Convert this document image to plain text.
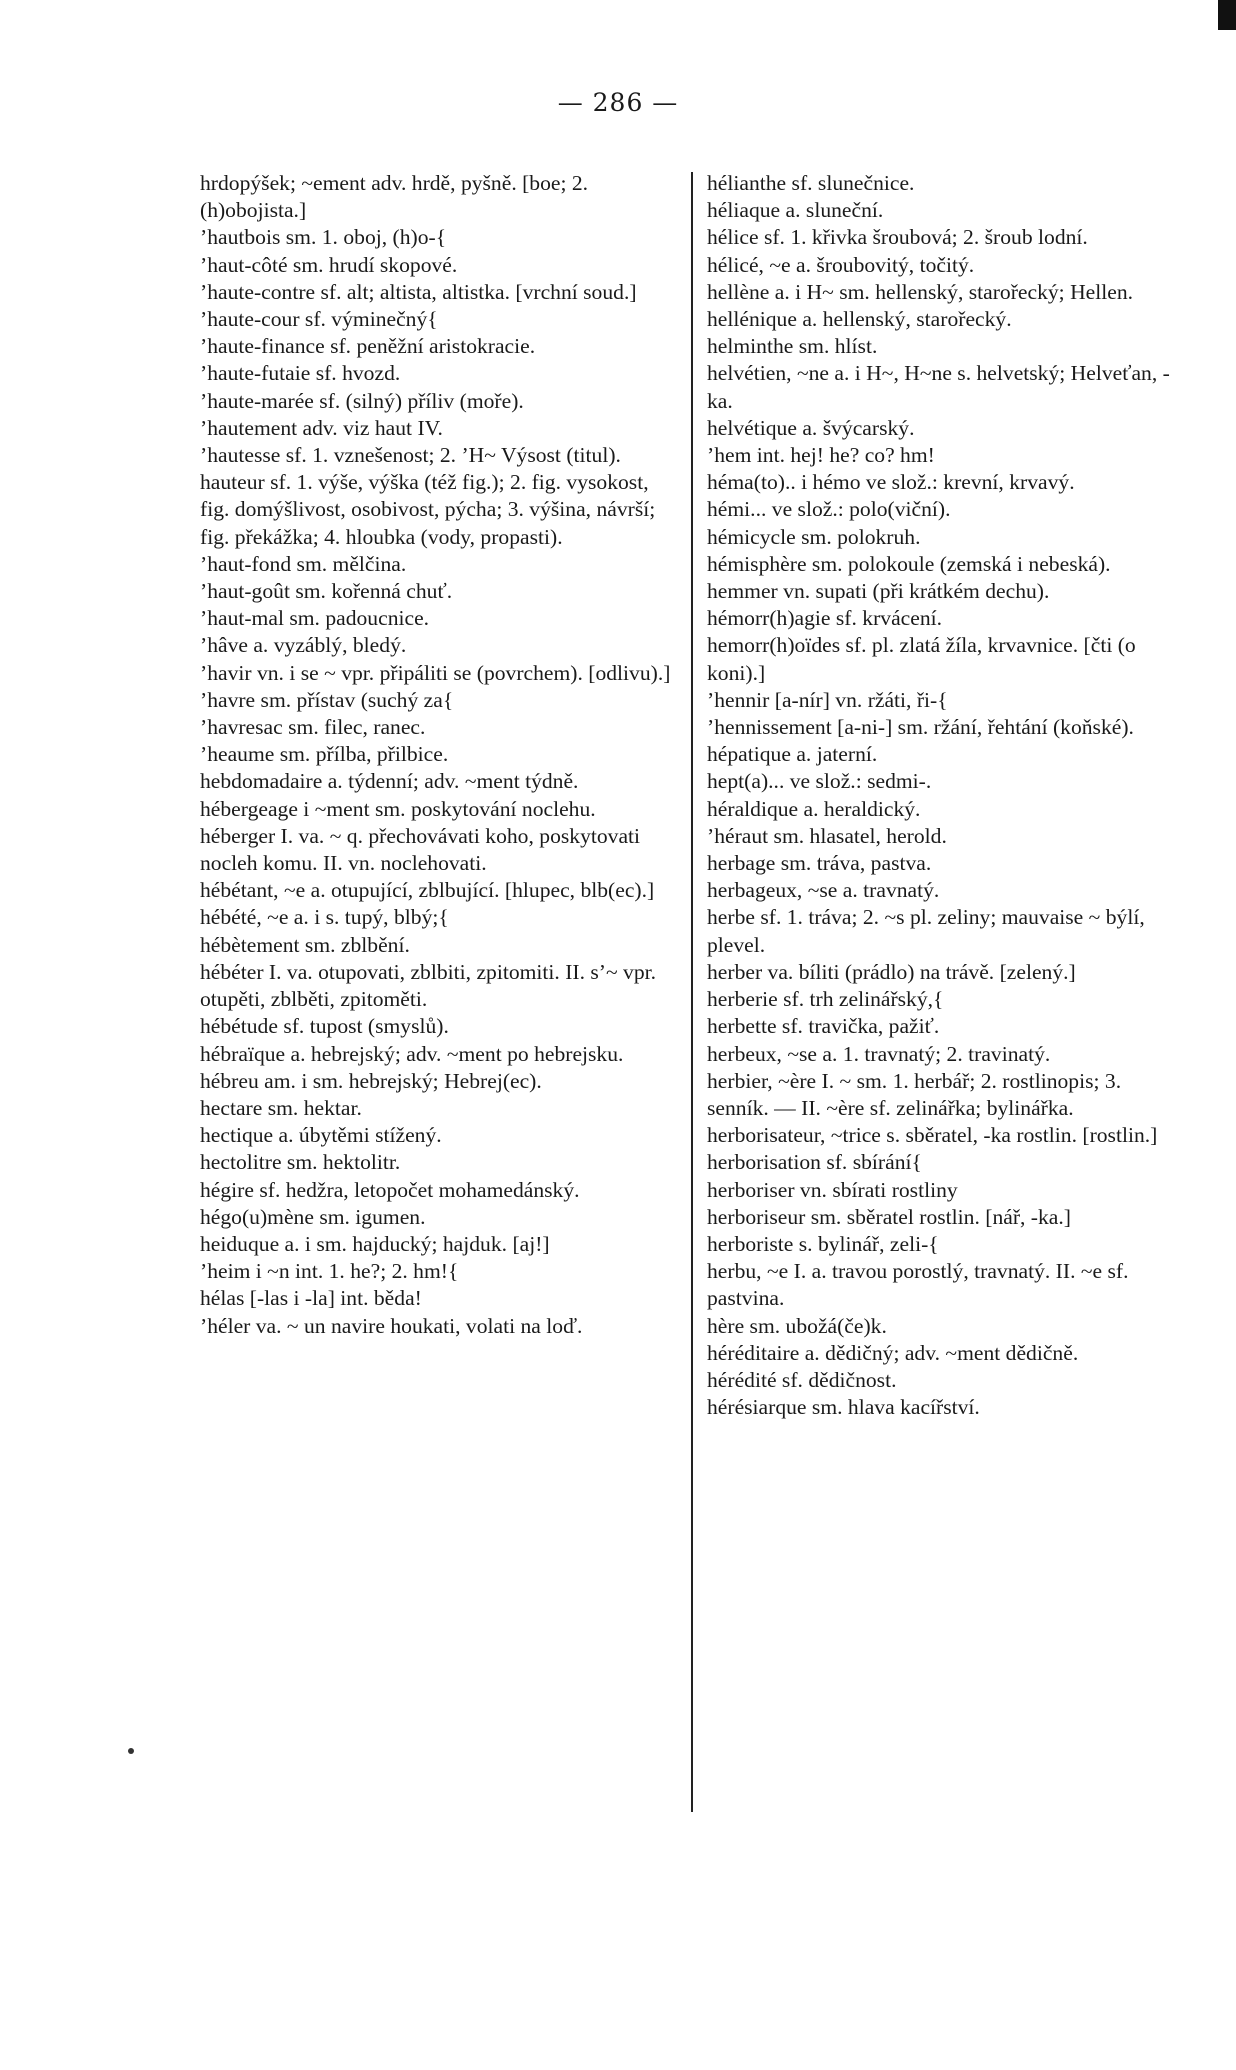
— 286 —
hrdopýšek; ~ement adv. hrdě, pyšně. [boe; 2. (h)obojista.]
’hautbois sm. 1. oboj, (h)o-{
’haut-côté sm. hrudí skopové.
’haute-contre sf. alt; altista, altistka. [vrchní soud.]
’haute-cour sf. výminečný{
’haute-finance sf. peněžní aristokracie.
’haute-futaie sf. hvozd.
’haute-marée sf. (silný) příliv (moře).
’hautement adv. viz haut IV.
’hautesse sf. 1. vznešenost; 2. ’H~ Výsost (titul).
hauteur sf. 1. výše, výška (též fig.); 2. fig. vysokost, fig. domýšlivost, osobivost, pýcha; 3. výšina, návrší; fig. překážka; 4. hloubka (vody, propasti).
’haut-fond sm. mělčina.
’haut-goût sm. kořenná chuť.
’haut-mal sm. padoucnice.
’hâve a. vyzáblý, bledý.
’havir vn. i se ~ vpr. připáliti se (povrchem). [odlivu).]
’havre sm. přístav (suchý za{
’havresac sm. filec, ranec.
’heaume sm. přílba, přilbice.
hebdomadaire a. týdenní; adv. ~ment týdně.
hébergeage i ~ment sm. poskytování noclehu.
héberger I. va. ~ q. přechovávati koho, poskytovati nocleh komu. II. vn. noclehovati.
hébétant, ~e a. otupující, zblbující. [hlupec, blb(ec).]
hébété, ~e a. i s. tupý, blbý;{
hébètement sm. zblbění.
hébéter I. va. otupovati, zblbiti, zpitomiti. II. s’~ vpr. otupěti, zblběti, zpitoměti.
hébétude sf. tupost (smyslů).
hébraïque a. hebrejský; adv. ~ment po hebrejsku.
hébreu am. i sm. hebrejský; Hebrej(ec).
hectare sm. hektar.
hectique a. úbytěmi stížený.
hectolitre sm. hektolitr.
hégire sf. hedžra, letopočet mohamedánský.
hégo(u)mène sm. igumen.
heiduque a. i sm. hajducký; hajduk. [aj!]
’heim i ~n int. 1. he?; 2. hm!{
hélas [-las i -la] int. běda!
’héler va. ~ un navire houkati, volati na loď.
hélianthe sf. slunečnice.
héliaque a. sluneční.
hélice sf. 1. křivka šroubová; 2. šroub lodní.
hélicé, ~e a. šroubovitý, točitý.
hellène a. i H~ sm. hellenský, starořecký; Hellen.
hellénique a. hellenský, starořecký.
helminthe sm. hlíst.
helvétien, ~ne a. i H~, H~ne s. helvetský; Helveťan, -ka.
helvétique a. švýcarský.
’hem int. hej! he? co? hm!
héma(to).. i hémo ve slož.: krevní, krvavý.
hémi... ve slož.: polo(viční).
hémicycle sm. polokruh.
hémisphère sm. polokoule (zemská i nebeská).
hemmer vn. supati (při krátkém dechu).
hémorr(h)agie sf. krvácení.
hemorr(h)oïdes sf. pl. zlatá žíla, krvavnice. [čti (o koni).]
’hennir [a-nír] vn. ržáti, ři-{
’hennissement [a-ni-] sm. ržání, řehtání (koňské).
hépatique a. jaterní.
hept(a)... ve slož.: sedmi-.
héraldique a. heraldický.
’héraut sm. hlasatel, herold.
herbage sm. tráva, pastva.
herbageux, ~se a. travnatý.
herbe sf. 1. tráva; 2. ~s pl. zeliny; mauvaise ~ býlí, plevel.
herber va. bíliti (prádlo) na trávě. [zelený.]
herberie sf. trh zelinářský,{
herbette sf. travička, pažiť.
herbeux, ~se a. 1. travnatý; 2. travinatý.
herbier, ~ère I. ~ sm. 1. herbář; 2. rostlinopis; 3. senník. — II. ~ère sf. zelinářka; bylinářka.
herborisateur, ~trice s. sběratel, -ka rostlin. [rostlin.]
herborisation sf. sbírání{
herboriser vn. sbírati rostliny
herboriseur sm. sběratel rostlin. [nář, -ka.]
herboriste s. bylinář, zeli-{
herbu, ~e I. a. travou porostlý, travnatý. II. ~e sf. pastvina.
hère sm. ubožá(če)k.
héréditaire a. dědičný; adv. ~ment dědičně.
hérédité sf. dědičnost.
hérésiarque sm. hlava kacířství.
